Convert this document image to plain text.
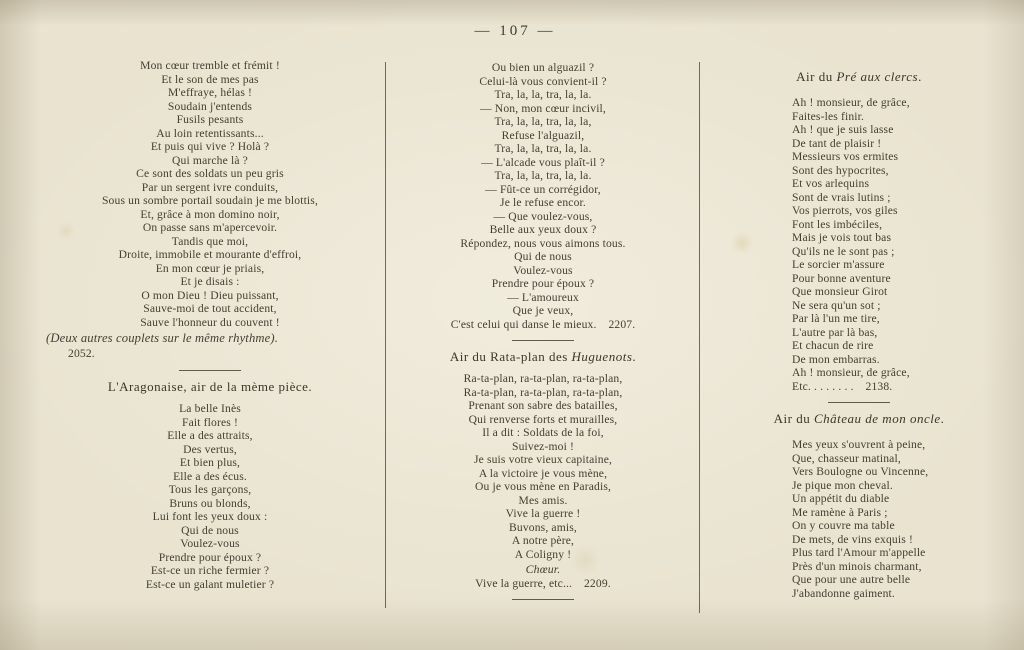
— 107 —
Mon cœur tremble et frémit !
Et le son de mes pas
M'effraye, hélas !
Soudain j'entends
Fusils pesants
Au loin retentissants...
Et puis qui vive ? Holà ?
Qui marche là ?
Ce sont des soldats un peu gris
Par un sergent ivre conduits,
Sous un sombre portail soudain je me blottis,
Et, grâce à mon domino noir,
On passe sans m'apercevoir.
Tandis que moi,
Droite, immobile et mourante d'effroi,
En mon cœur je priais,
Et je disais :
O mon Dieu ! Dieu puissant,
Sauve-moi de tout accident,
Sauve l'honneur du couvent !
(Deux autres couplets sur le même rhythme).
2052.
L'Aragonaise, air de la mème pièce.
La belle Inès
Fait flores !
Elle a des attraits,
Des vertus,
Et bien plus,
Elle a des écus.
Tous les garçons,
Bruns ou blonds,
Lui font les yeux doux :
Qui de nous
Voulez-vous
Prendre pour époux ?
Est-ce un riche fermier ?
Est-ce un galant muletier ?
Ou bien un alguazil ?
Celui-là vous convient-il ?
Tra, la, la, tra, la, la.
— Non, mon cœur incivil,
Tra, la, la, tra, la, la,
Refuse l'alguazil,
Tra, la, la, tra, la, la.
— L'alcade vous plaît-il ?
Tra, la, la, tra, la, la.
— Fût-ce un corrégidor,
Je le refuse encor.
— Que voulez-vous,
Belle aux yeux doux ?
Répondez, nous vous aimons tous.
Qui de nous
Voulez-vous
Prendre pour époux ?
— L'amoureux
Que je veux,
C'est celui qui danse le mieux.  2207.
Air du Rata-plan des Huguenots.
Ra-ta-plan, ra-ta-plan, ra-ta-plan,
Ra-ta-plan, ra-ta-plan, ra-ta-plan,
Prenant son sabre des batailles,
Qui renverse forts et murailles,
Il a dit : Soldats de la foi,
Suivez-moi !
Je suis votre vieux capitaine,
A la victoire je vous mène,
Ou je vous mène en Paradis,
Mes amis.
Vive la guerre !
Buvons, amis,
A notre père,
A Coligny !
Chœur.
Vive la guerre, etc...  2209.
Air du Pré aux clercs.
Ah ! monsieur, de grâce,
Faites-les finir.
Ah ! que je suis lasse
De tant de plaisir !
Messieurs vos ermites
Sont des hypocrites,
Et vos arlequins
Sont de vrais lutins ;
Vos pierrots, vos giles
Font les imbéciles,
Mais je vois tout bas
Qu'ils ne le sont pas ;
Le sorcier m'assure
Pour bonne aventure
Que monsieur Girot
Ne sera qu'un sot ;
Par là l'un me tire,
L'autre par là bas,
Et chacun de rire
De mon embarras.
Ah ! monsieur, de grâce,
Etc. . . . . . . .  2138.
Air du Château de mon oncle.
Mes yeux s'ouvrent à peine,
Que, chasseur matinal,
Vers Boulogne ou Vincenne,
Je pique mon cheval.
Un appétit du diable
Me ramène à Paris ;
On y couvre ma table
De mets, de vins exquis !
Plus tard l'Amour m'appelle
Près d'un minois charmant,
Que pour une autre belle
J'abandonne gaiment.
